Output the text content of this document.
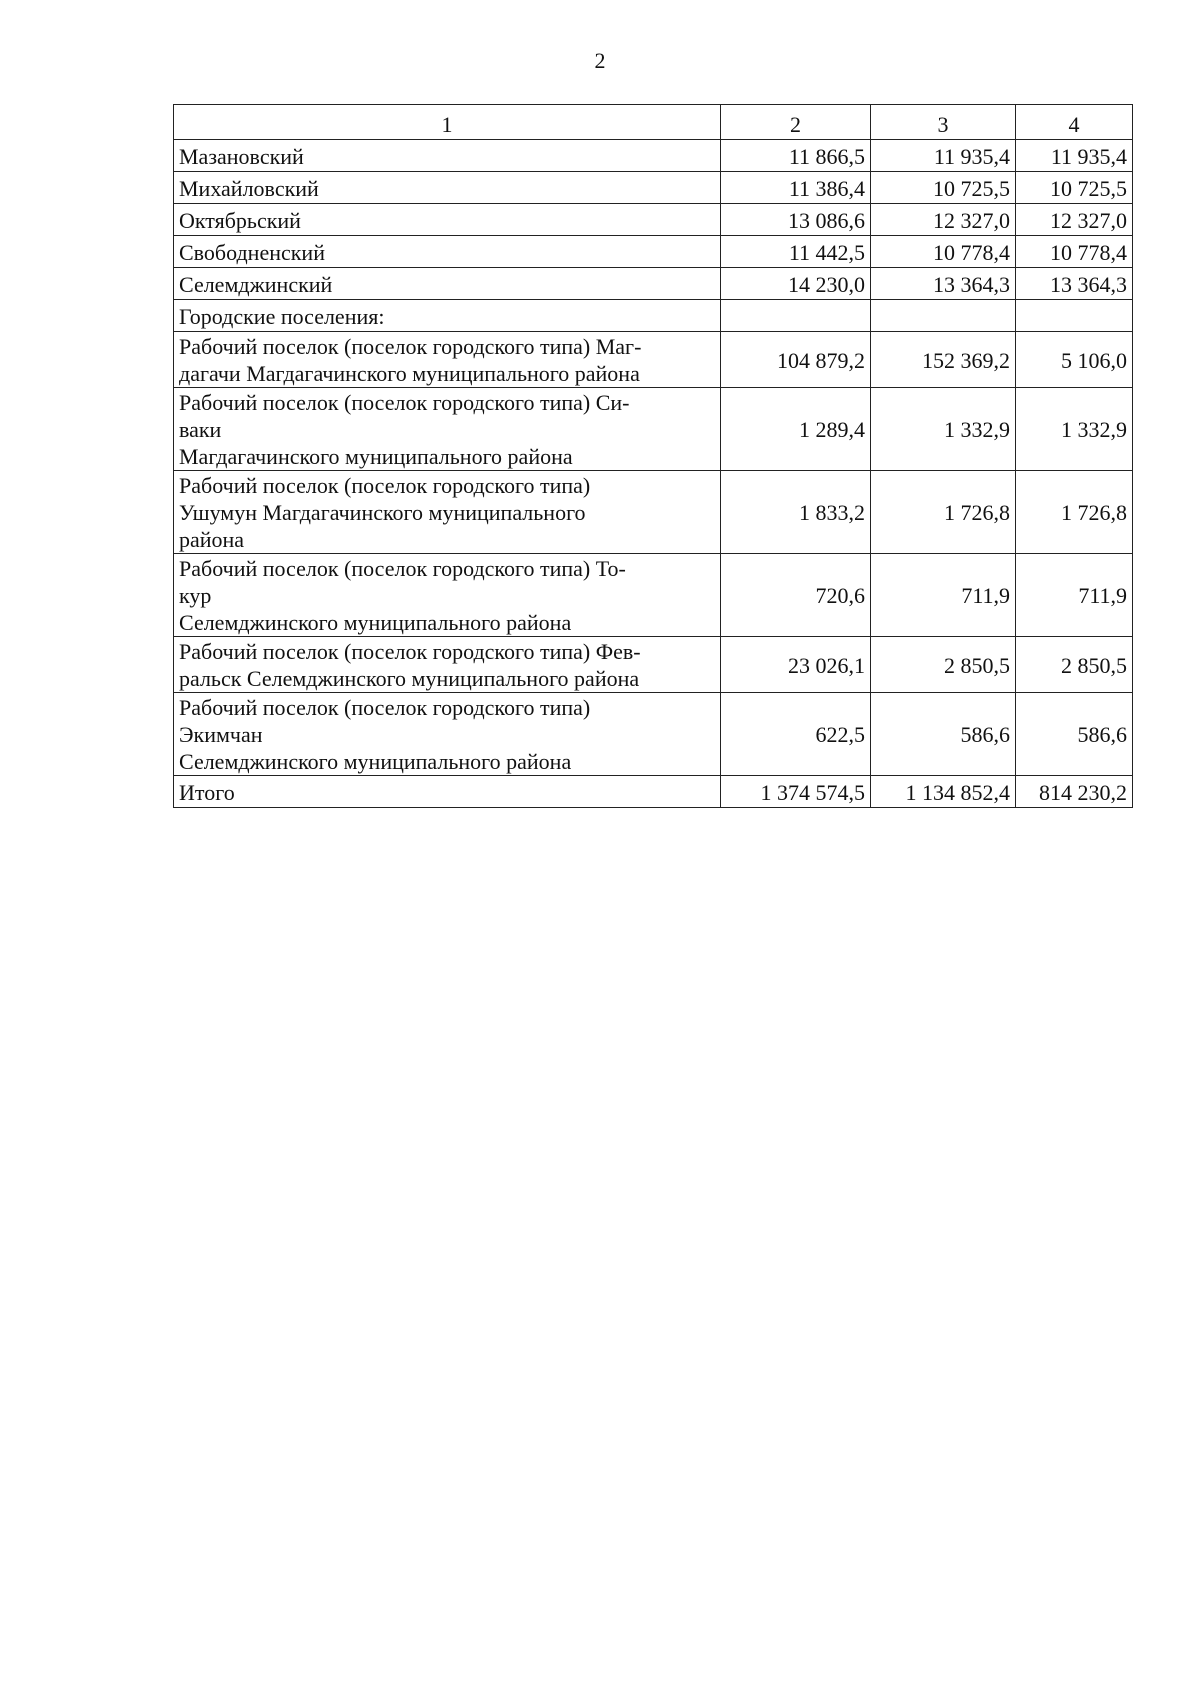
2
1	2	3	4
Мазановский	11 866,5	11 935,4	11 935,4
Михайловский	11 386,4	10 725,5	10 725,5
Октябрьский	13 086,6	12 327,0	12 327,0
Свободненский	11 442,5	10 778,4	10 778,4
Селемджинский	14 230,0	13 364,3	13 364,3
Городские поселения:			

Рабочий поселок (поселок городского типа) Маг-
дагачи Магдагачинского муниципального района	104 879,2	152 369,2	5 106,0

Рабочий поселок (поселок городского типа) Си-
ваки
Магдагачинского муниципального района	1 289,4	1 332,9	1 332,9

Рабочий поселок (поселок городского типа)
Ушумун Магдагачинского муниципального
района	1 833,2	1 726,8	1 726,8

Рабочий поселок (поселок городского типа) То-
кур
Селемджинского муниципального района	720,6	711,9	711,9

Рабочий поселок (поселок городского типа) Фев-
ральск Селемджинского муниципального района	23 026,1	2 850,5	2 850,5

Рабочий поселок (поселок городского типа)
Экимчан
Селемджинского муниципального района	622,5	586,6	586,6
Итого	1 374 574,5	1 134 852,4	814 230,2
